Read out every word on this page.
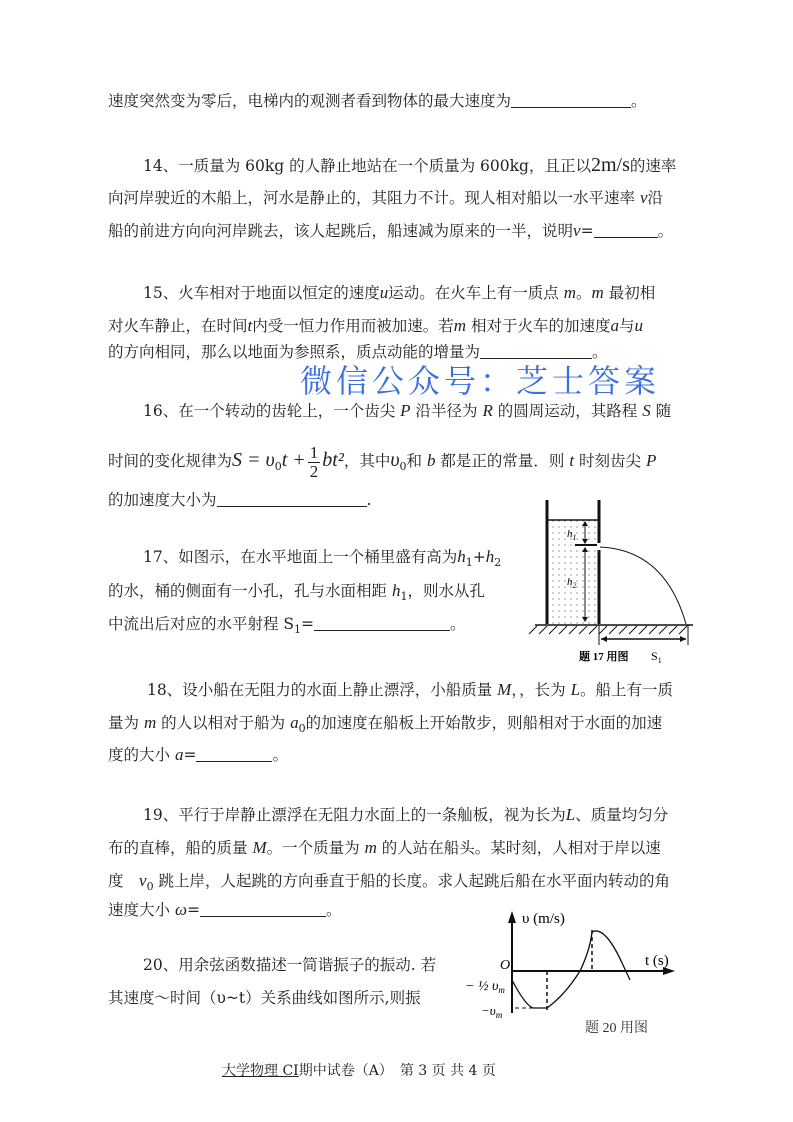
速度突然变为零后，电梯内的观测者看到物体的最大速度为	。
14、一质量为 60kg 的人静止地站在一个质量为 600kg，且正以2m/s的速率
向河岸驶近的木船上，河水是静止的，其阻力不计。现人相对船以一水平速率 v沿
船的前进方向向河岸跳去，该人起跳后，船速减为原来的一半，说明v=	。
15、火车相对于地面以恒定的速度u运动。在火车上有一质点 m。m 最初相
对火车静止，在时间t内受一恒力作用而被加速。若m 相对于火车的加速度a与u
的方向相同，那么以地面为参照系，质点动能的增量为	。
微信公众号：芝士答案
16、在一个转动的齿轮上，一个齿尖 P 沿半径为 R 的圆周运动，其路程 S 随
时间的变化规律为$S = \upsilon_0t + \frac{1}{2} bt^2$，其中$\upsilon_0$和 b 都是正的常量．则 t 时刻齿尖 P
的加速度大小为	.
17、如图示，在水平地面上一个桶里盛有高为$h_1+h_2$
的水，桶的侧面有一小孔，孔与水面相距 $h_1$，则水从孔
中流出后对应的水平射程 $S_1=$	。
$h_1$
$h_2$
题 17 用图 $S_1$
18、设小船在无阻力的水面上静止漂浮，小船质量 M，，长为 L。船上有一质
量为 m 的人以相对于船为 $a_0$的加速度在船板上开始散步，则船相对于水面的加速
度的大小 a=	。
19、平行于岸静止漂浮在无阻力水面上的一条舢板，视为长为L、质量均匀分
布的直棒，船的质量 M。一个质量为 m 的人站在船头。某时刻，人相对于岸以速
度　 $v_0$ 跳上岸，人起跳的方向垂直于船的长度。求人起跳后船在水平面内转动的角
速度大小 ω=	。
20、用余弦函数描述一简谐振子的振动. 若
其速度～时间（υ~t）关系曲线如图所示,则振
υ (m/s)
t (s)
O
− ½ $\upsilon_m$
$-\upsilon_m$
题 20 用图
大学物理 CI期中试卷（A）　第 3 页 共 4 页
